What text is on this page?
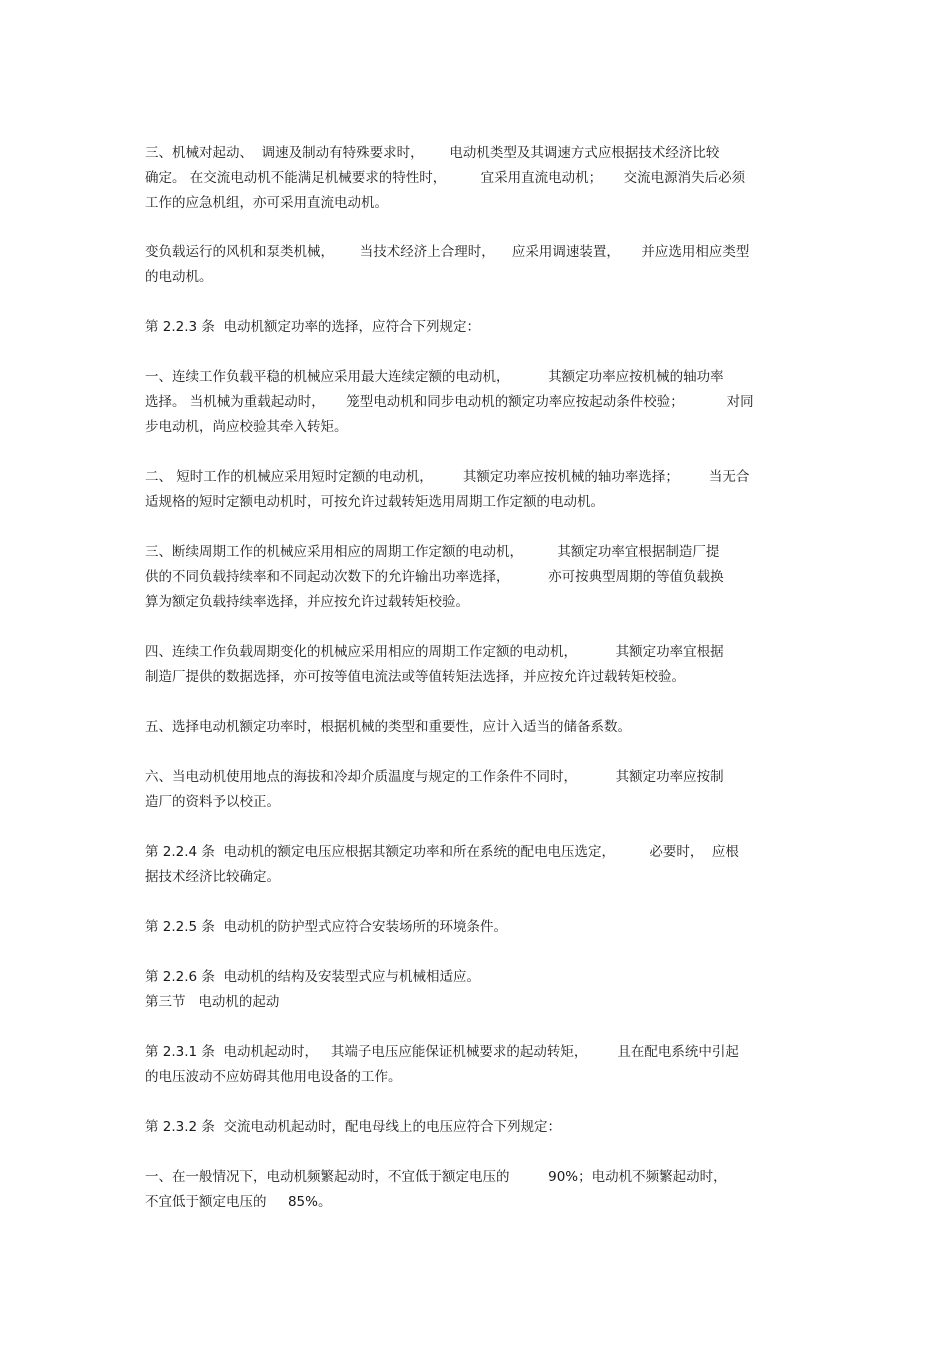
三、机械对起动、  调速及制动有特殊要求时，      电动机类型及其调速方式应根据技术经济比较
确定。 在交流电动机不能满足机械要求的特性时，        宜采用直流电动机；     交流电源消失后必须
工作的应急机组，亦可采用直流电动机。
变负载运行的风机和泵类机械，      当技术经济上合理时，    应采用调速装置，     并应选用相应类型
的电动机。
第 2.2.3 条  电动机额定功率的选择，应符合下列规定：
一、连续工作负载平稳的机械应采用最大连续定额的电动机，         其额定功率应按机械的轴功率
选择。 当机械为重载起动时，     笼型电动机和同步电动机的额定功率应按起动条件校验；          对同
步电动机，尚应校验其牵入转矩。
二、 短时工作的机械应采用短时定额的电动机，       其额定功率应按机械的轴功率选择；       当无合
适规格的短时定额电动机时，可按允许过载转矩选用周期工作定额的电动机。
三、断续周期工作的机械应采用相应的周期工作定额的电动机，        其额定功率宜根据制造厂提
供的不同负载持续率和不同起动次数下的允许输出功率选择，         亦可按典型周期的等值负载换
算为额定负载持续率选择，并应按允许过载转矩校验。
四、连续工作负载周期变化的机械应采用相应的周期工作定额的电动机，         其额定功率宜根据
制造厂提供的数据选择，亦可按等值电流法或等值转矩法选择，并应按允许过载转矩校验。
五、选择电动机额定功率时，根据机械的类型和重要性，应计入适当的储备系数。
六、当电动机使用地点的海拔和冷却介质温度与规定的工作条件不同时，         其额定功率应按制
造厂的资料予以校正。
第 2.2.4 条  电动机的额定电压应根据其额定功率和所在系统的配电电压选定，        必要时，  应根
据技术经济比较确定。
第 2.2.5 条  电动机的防护型式应符合安装场所的环境条件。
第 2.2.6 条  电动机的结构及安装型式应与机械相适应。
第三节   电动机的起动
第 2.3.1 条  电动机起动时，   其端子电压应能保证机械要求的起动转矩，       且在配电系统中引起
的电压波动不应妨碍其他用电设备的工作。
第 2.3.2 条  交流电动机起动时，配电母线上的电压应符合下列规定：
一、在一般情况下，电动机频繁起动时，不宜低于额定电压的         90%；电动机不频繁起动时，
不宜低于额定电压的     85%。
